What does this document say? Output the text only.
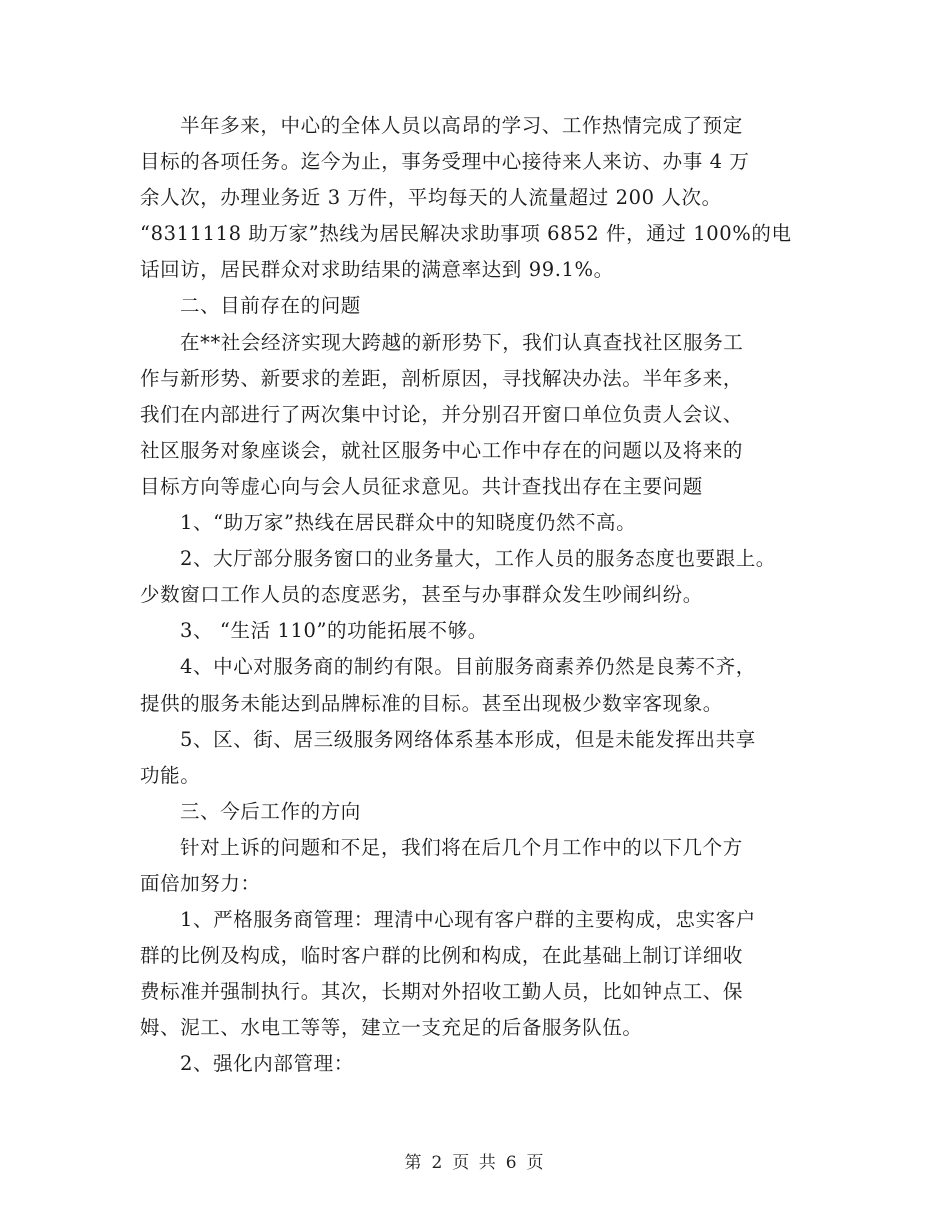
半年多来，中心的全体人员以高昂的学习、工作热情完成了预定
目标的各项任务。迄今为止，事务受理中心接待来人来访、办事 4 万
余人次，办理业务近 3 万件，平均每天的人流量超过 200 人次。
“8311118 助万家”热线为居民解决求助事项 6852 件，通过 100%的电
话回访，居民群众对求助结果的满意率达到 99.1%。
二、目前存在的问题
在**社会经济实现大跨越的新形势下，我们认真查找社区服务工
作与新形势、新要求的差距，剖析原因，寻找解决办法。半年多来，
我们在内部进行了两次集中讨论，并分别召开窗口单位负责人会议、
社区服务对象座谈会，就社区服务中心工作中存在的问题以及将来的
目标方向等虚心向与会人员征求意见。共计查找出存在主要问题
1、“助万家”热线在居民群众中的知晓度仍然不高。
2、大厅部分服务窗口的业务量大，工作人员的服务态度也要跟上。
少数窗口工作人员的态度恶劣，甚至与办事群众发生吵闹纠纷。
3、 “生活 110”的功能拓展不够。
4、中心对服务商的制约有限。目前服务商素养仍然是良莠不齐，
提供的服务未能达到品牌标准的目标。甚至出现极少数宰客现象。
5、区、街、居三级服务网络体系基本形成，但是未能发挥出共享
功能。
三、今后工作的方向
针对上诉的问题和不足，我们将在后几个月工作中的以下几个方
面倍加努力：
1、严格服务商管理：理清中心现有客户群的主要构成，忠实客户
群的比例及构成，临时客户群的比例和构成，在此基础上制订详细收
费标准并强制执行。其次，长期对外招收工勤人员，比如钟点工、保
姆、泥工、水电工等等，建立一支充足的后备服务队伍。
2、强化内部管理：
第 2 页 共 6 页
